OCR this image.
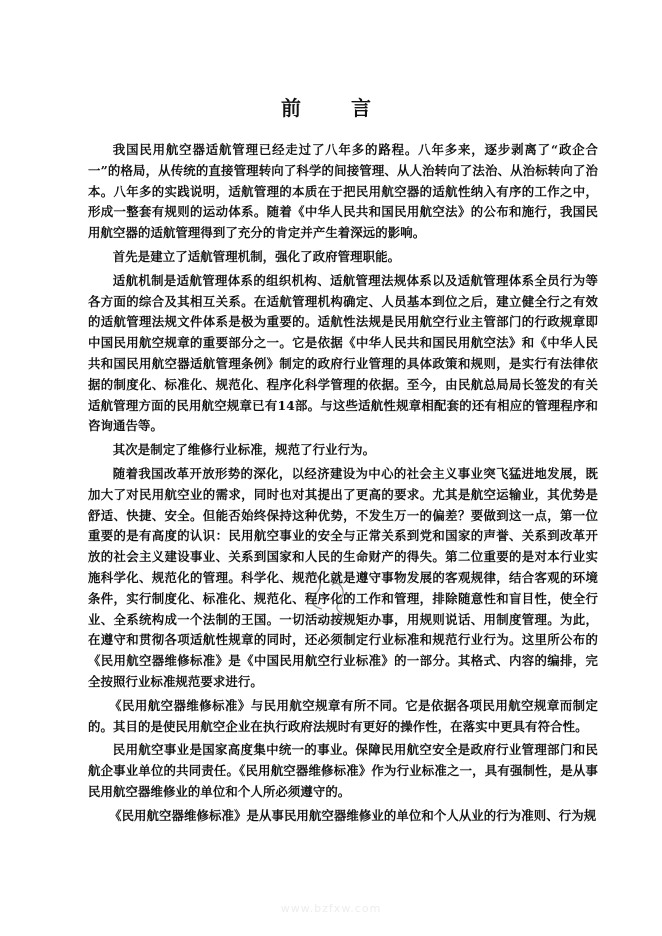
前言

我国民用航空器适航管理已经走过了八年多的路程。八年多来，逐步剥离了“政企合一”的格局，从传统的直接管理转向了科学的间接管理、从人治转向了法治、从治标转向了治本。八年多的实践说明，适航管理的本质在于把民用航空器的适航性纳入有序的工作之中，形成一整套有规则的运动体系。随着《中华人民共和国民用航空法》的公布和施行，我国民用航空器的适航管理得到了充分的肯定并产生着深远的影响。

首先是建立了适航管理机制，强化了政府管理职能。

适航机制是适航管理体系的组织机构、适航管理法规体系以及适航管理体系全员行为等各方面的综合及其相互关系。在适航管理机构确定、人员基本到位之后，建立健全行之有效的适航管理法规文件体系是极为重要的。适航性法规是民用航空行业主管部门的行政规章即中国民用航空规章的重要部分之一。它是依据《中华人民共和国民用航空法》和《中华人民共和国民用航空器适航管理条例》制定的政府行业管理的具体政策和规则，是实行有法律依据的制度化、标准化、规范化、程序化科学管理的依据。至今，由民航总局局长签发的有关适航管理方面的民用航空规章已有14部。与这些适航性规章相配套的还有相应的管理程序和咨询通告等。

其次是制定了维修行业标准，规范了行业行为。

随着我国改革开放形势的深化，以经济建设为中心的社会主义事业突飞猛进地发展，既加大了对民用航空业的需求，同时也对其提出了更高的要求。尤其是航空运输业，其优势是舒适、快捷、安全。但能否始终保持这种优势，不发生万一的偏差？要做到这一点，第一位重要的是有高度的认识：民用航空事业的安全与正常关系到党和国家的声誉、关系到改革开放的社会主义建设事业、关系到国家和人民的生命财产的得失。第二位重要的是对本行业实施科学化、规范化的管理。科学化、规范化就是遵守事物发展的客观规律，结合客观的环境条件，实行制度化、标准化、规范化、程序化的工作和管理，排除随意性和盲目性，使全行业、全系统构成一个法制的王国。一切活动按规矩办事，用规则说话、用制度管理。为此，在遵守和贯彻各项适航性规章的同时，还必须制定行业标准和规范行业行为。这里所公布的《民用航空器维修标准》是《中国民用航空行业标准》的一部分。其格式、内容的编排，完全按照行业标准规范要求进行。

《民用航空器维修标准》与民用航空规章有所不同。它是依据各项民用航空规章而制定的。其目的是使民用航空企业在执行政府法规时有更好的操作性，在落实中更具有符合性。

民用航空事业是国家高度集中统一的事业。保障民用航空安全是政府行业管理部门和民航企事业单位的共同责任。《民用航空器维修标准》作为行业标准之一，具有强制性，是从事民用航空器维修业的单位和个人所必须遵守的。

《民用航空器维修标准》是从事民用航空器维修业的单位和个人从业的行为准则、行为规

www.bzfxw.com
